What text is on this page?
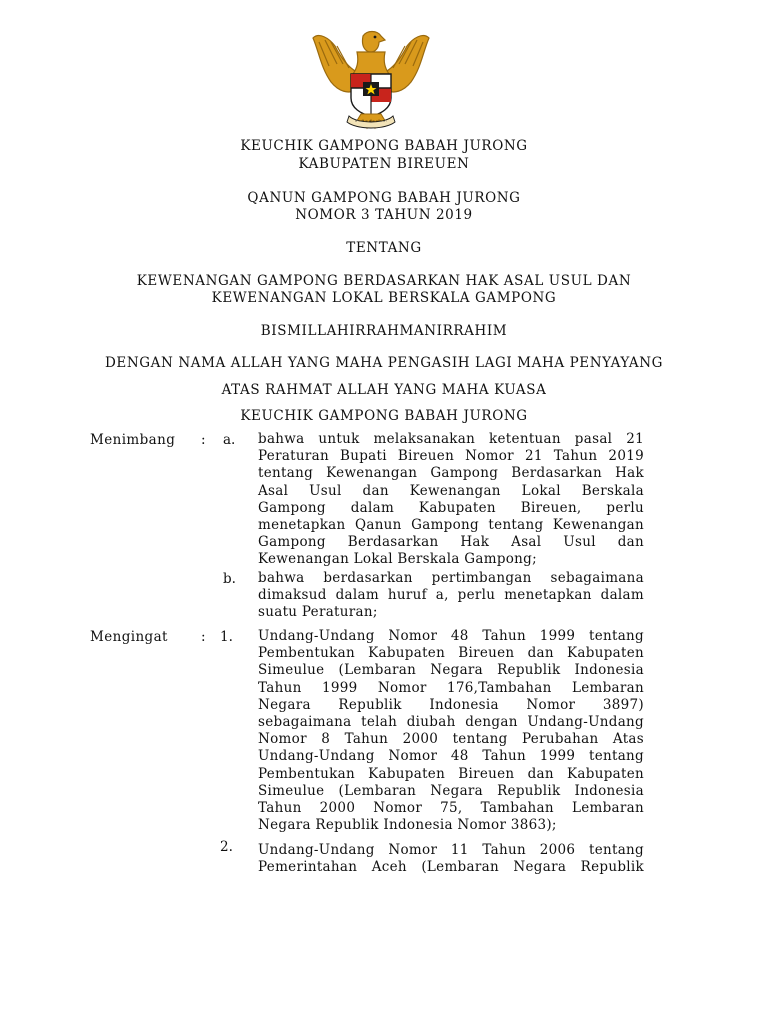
KEUCHIK GAMPONG BABAH JURONG
KABUPATEN BIREUEN
QANUN GAMPONG BABAH JURONG
NOMOR 3 TAHUN 2019
TENTANG
KEWENANGAN GAMPONG BERDASARKAN HAK ASAL USUL DAN
KEWENANGAN LOKAL BERSKALA GAMPONG
BISMILLAHIRRAHMANIRRAHIM
DENGAN NAMA ALLAH YANG MAHA PENGASIH LAGI MAHA PENYAYANG
ATAS RAHMAT ALLAH YANG MAHA KUASA
KEUCHIK GAMPONG BABAH JURONG
Menimbang : a. bahwa untuk melaksanakan ketentuan pasal 21
Peraturan Bupati Bireuen Nomor 21 Tahun 2019
tentang Kewenangan Gampong Berdasarkan Hak
Asal Usul dan Kewenangan Lokal Berskala
Gampong dalam Kabupaten Bireuen, perlu
menetapkan Qanun Gampong tentang Kewenangan
Gampong Berdasarkan Hak Asal Usul dan
Kewenangan Lokal Berskala Gampong;
b. bahwa berdasarkan pertimbangan sebagaimana
dimaksud dalam huruf a, perlu menetapkan dalam
suatu Peraturan;
Mengingat : 1. Undang-Undang Nomor 48 Tahun 1999 tentang
Pembentukan Kabupaten Bireuen dan Kabupaten
Simeulue (Lembaran Negara Republik Indonesia
Tahun 1999 Nomor 176,Tambahan Lembaran
Negara Republik Indonesia Nomor 3897)
sebagaimana telah diubah dengan Undang-Undang
Nomor 8 Tahun 2000 tentang Perubahan Atas
Undang-Undang Nomor 48 Tahun 1999 tentang
Pembentukan Kabupaten Bireuen dan Kabupaten
Simeulue (Lembaran Negara Republik Indonesia
Tahun 2000 Nomor 75, Tambahan Lembaran
Negara Republik Indonesia Nomor 3863);
2. Undang-Undang Nomor 11 Tahun 2006 tentang
Pemerintahan Aceh (Lembaran Negara Republik
